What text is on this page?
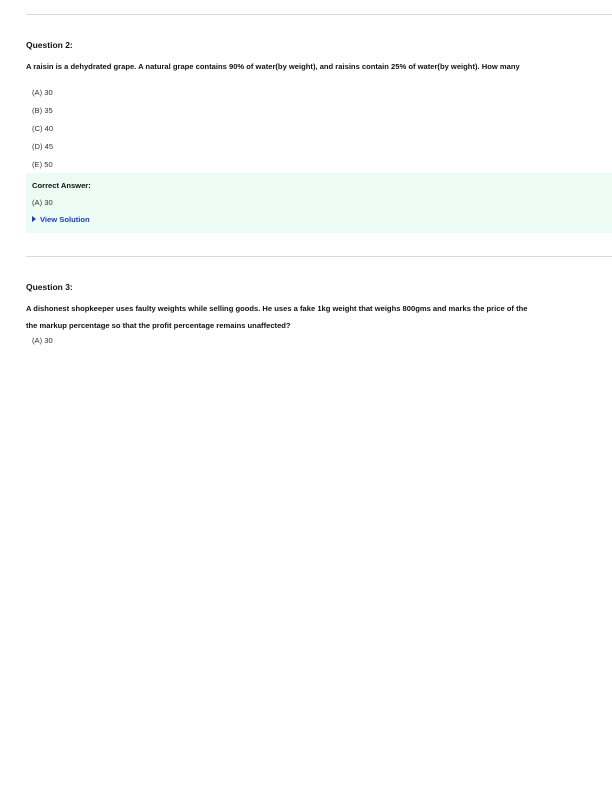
Question 2:
A raisin is a dehydrated grape. A natural grape contains 90% of water(by weight), and raisins contain 25% of water(by weight). How many
(A) 30
(B) 35
(C) 40
(D) 45
(E) 50
Correct Answer:
(A) 30
View Solution
Question 3:
A dishonest shopkeeper uses faulty weights while selling goods. He uses a fake 1kg weight that weighs 800gms and marks the price of the
the markup percentage so that the profit percentage remains unaffected?
(A) 30
